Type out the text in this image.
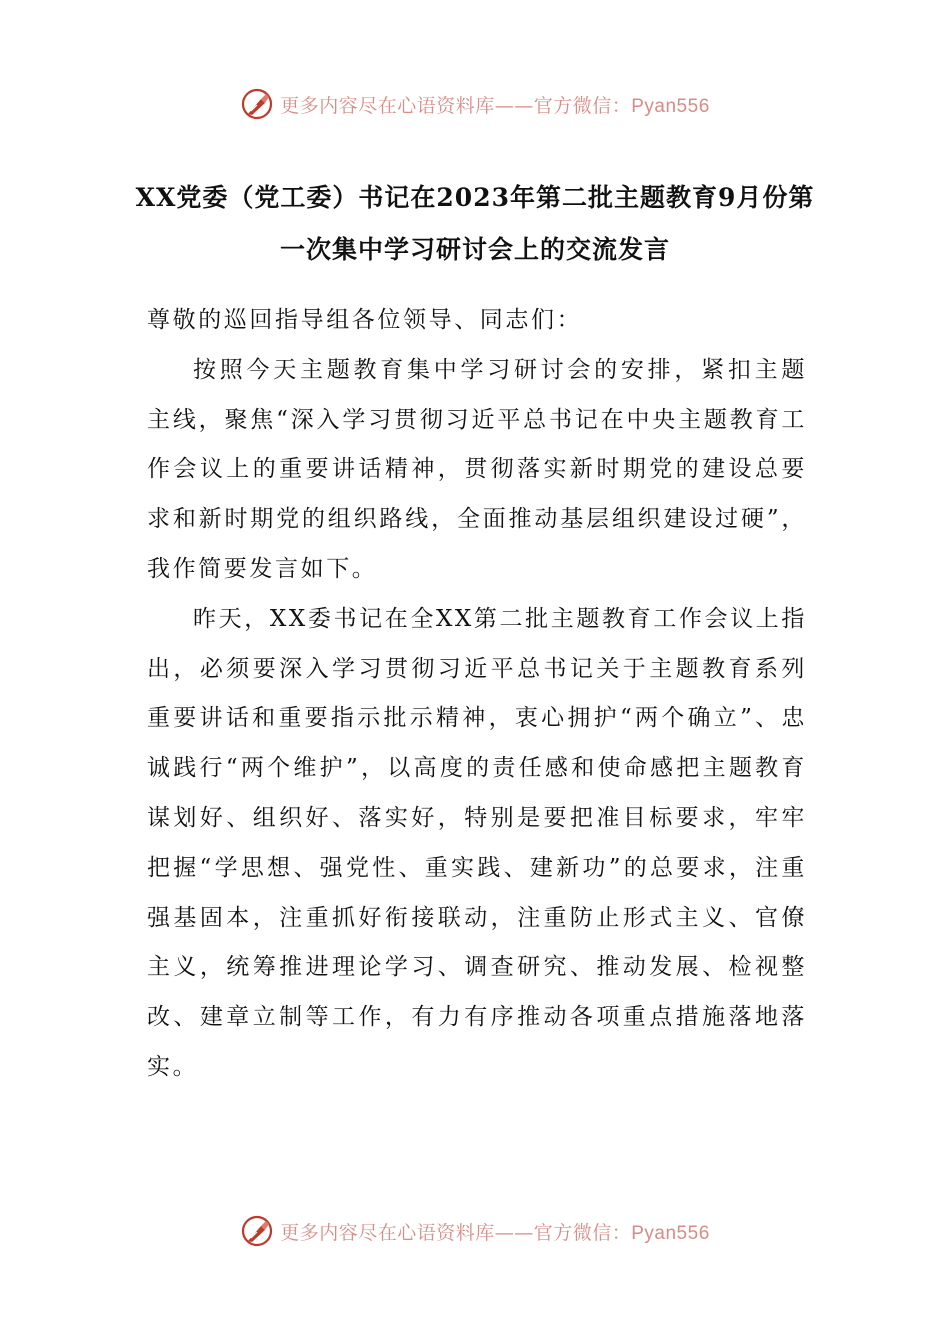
更多内容尽在心语资料库——官方微信：Pyan556
XX党委（党工委）书记在2023年第二批主题教育9月份第
一次集中学习研讨会上的交流发言

尊敬的巡回指导组各位领导、同志们：

按照今天主题教育集中学习研讨会的安排，紧扣主题主线，聚焦“深入学习贯彻习近平总书记在中央主题教育工作会议上的重要讲话精神，贯彻落实新时期党的建设总要求和新时期党的组织路线，全面推动基层组织建设过硬”，我作简要发言如下。

昨天，XX委书记在全XX第二批主题教育工作会议上指出，必须要深入学习贯彻习近平总书记关于主题教育系列重要讲话和重要指示批示精神，衷心拥护“两个确立”、忠诚践行“两个维护”，以高度的责任感和使命感把主题教育谋划好、组织好、落实好，特别是要把准目标要求，牢牢把握“学思想、强党性、重实践、建新功”的总要求，注重强基固本，注重抓好衔接联动，注重防止形式主义、官僚主义，统筹推进理论学习、调查研究、推动发展、检视整改、建章立制等工作，有力有序推动各项重点措施落地落实。

更多内容尽在心语资料库——官方微信：Pyan556
